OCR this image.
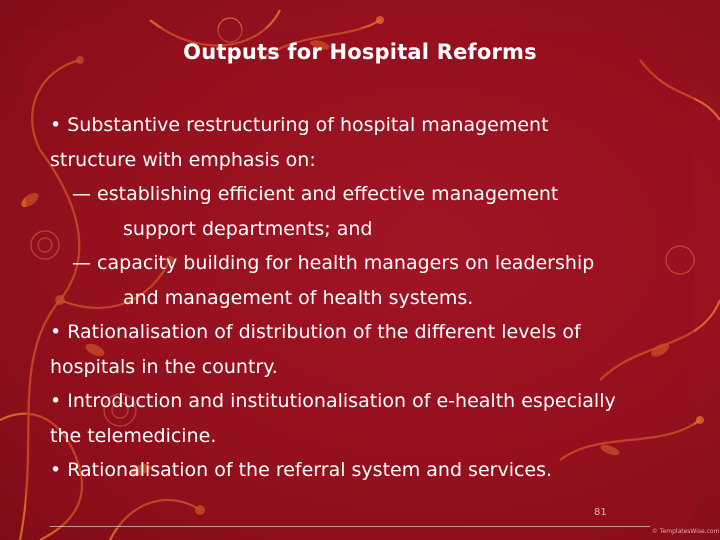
Outputs for Hospital Reforms
• Substantive restructuring of hospital management
structure with emphasis on:
— establishing efficient and effective management
support departments; and
— capacity building for health managers on leadership
and management of health systems.
• Rationalisation of distribution of the different levels of
hospitals in the country.
• Introduction and institutionalisation of e-health especially
the telemedicine.
• Rationalisation of the referral system and services.
81
© TemplatesWise.com
